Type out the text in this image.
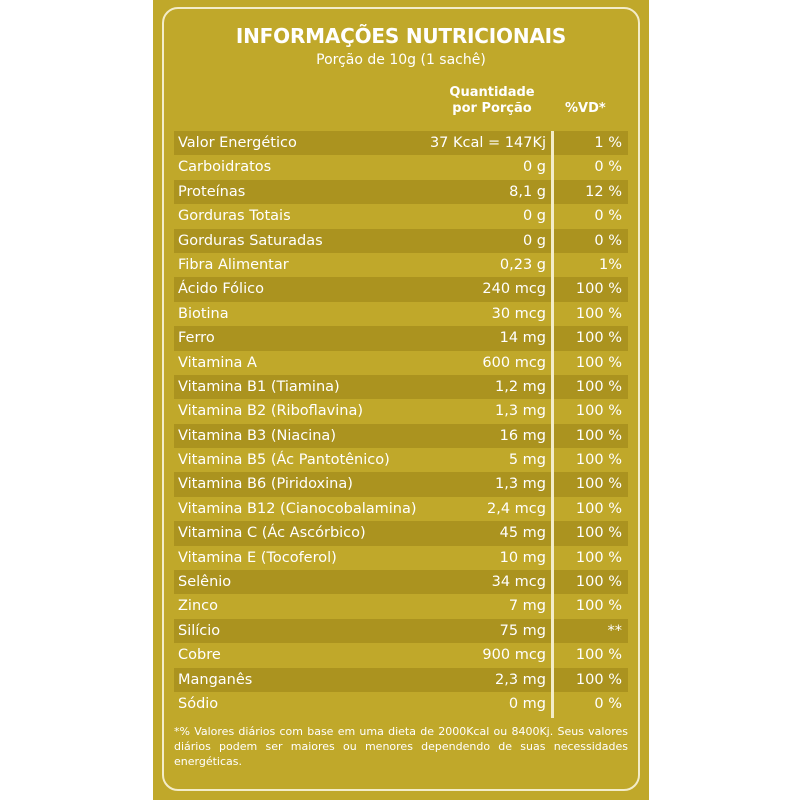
INFORMAÇÕES NUTRICIONAIS
Porção de 10g (1 sachê)
Quantidade
por Porção	%VD*
Valor Energético	37 Kcal = 147Kj	1 %
Carboidratos	0 g	0 %
Proteínas	8,1 g	12 %
Gorduras Totais	0 g	0 %
Gorduras Saturadas	0 g	0 %
Fibra Alimentar	0,23 g	1%
Ácido Fólico	240 mcg 100 %
Biotina	30 mcg 100 %
Ferro	14 mg 100 %
Vitamina A	600 mcg 100 %
Vitamina B1 (Tiamina)	1,2 mg 100 %
Vitamina B2 (Riboflavina)	1,3 mg 100 %
Vitamina B3 (Niacina)	16 mg 100 %
Vitamina B5 (Ác Pantotênico)	5 mg 100 %
Vitamina B6 (Piridoxina)	1,3 mg 100 %
Vitamina B12 (Cianocobalamina)	2,4 mcg 100 %
Vitamina C (Ác Ascórbico)	45 mg 100 %
Vitamina E (Tocoferol)	10 mg 100 %
Selênio	34 mcg 100 %
Zinco	7 mg 100 %
Silício	75 mg	**
Cobre	900 mcg 100 %
Manganês	2,3 mg 100 %
Sódio	0 mg	0 %
*% Valores diários com base em uma dieta de 2000Kcal ou 8400Kj. Seus valores diários podem ser maiores ou menores dependendo de suas necessidades energéticas.
